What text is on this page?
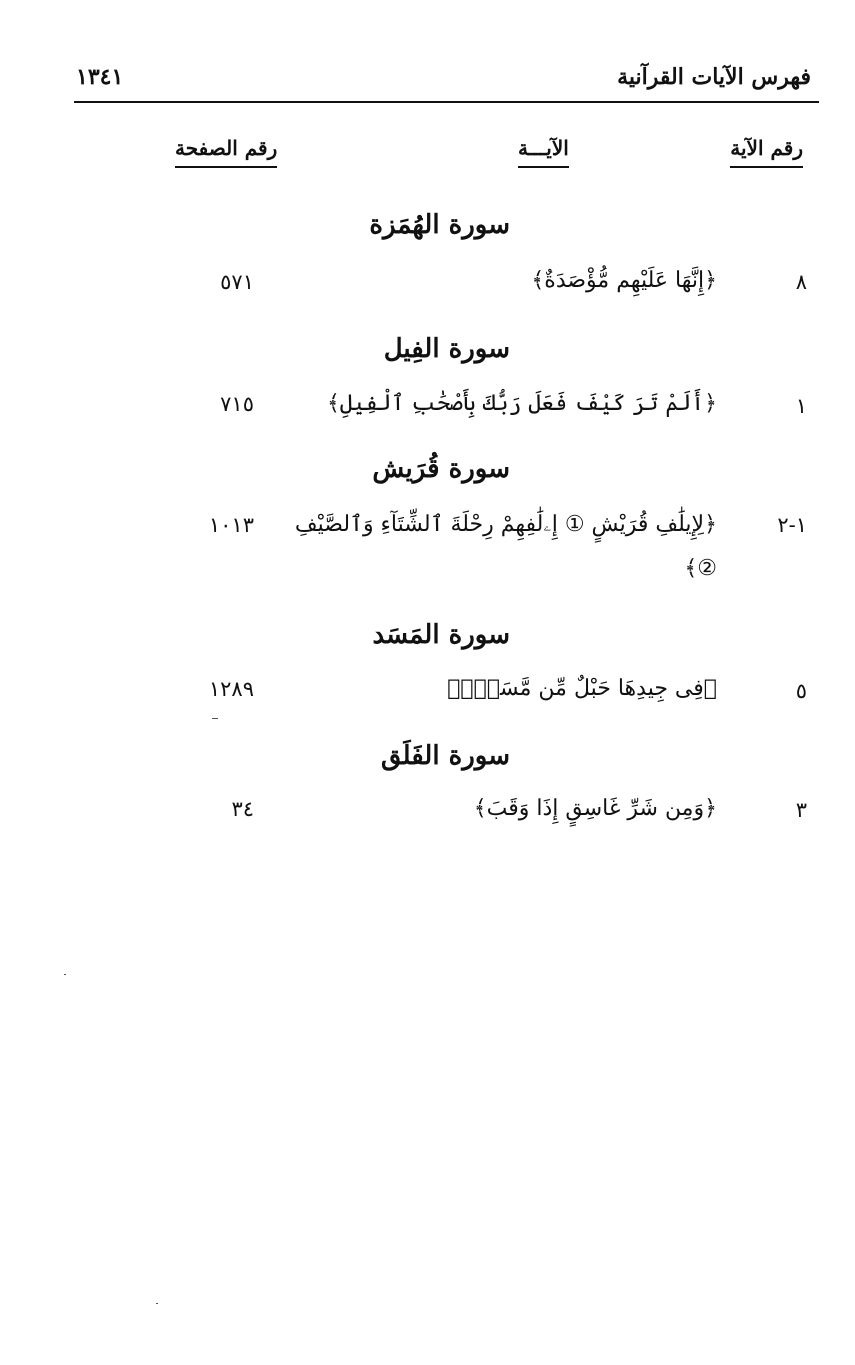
١٣٤١	فهرس الآيات القرآنية
رقم الآية
الآيـــة
رقم الصفحة
سورة الهُمَزة
٨
﴿إِنَّهَا عَلَيْهِم مُّؤْصَدَةٌ﴾
٥٧١
سورة الفِيل
١
﴿أَلَمْ تَرَ كَيْفَ فَعَلَ رَبُّكَ بِأَصْحَٰبِ ٱلْفِيلِ﴾
٧١٥
سورة قُرَيش
١-٢
﴿لِإِيلَٰفِ قُرَيْشٍ ① إِۦلَٰفِهِمْ رِحْلَةَ ٱلشِّتَآءِ وَٱلصَّيْفِ ②﴾
١٠١٣
سورة المَسَد
٥
﴿فِى جِيدِهَا حَبْلٌ مِّن مَّسَدٍۭ﴾
١٢٨٩
سورة الفَلَق
٣
﴿وَمِن شَرِّ غَاسِقٍ إِذَا وَقَبَ﴾
٣٤
